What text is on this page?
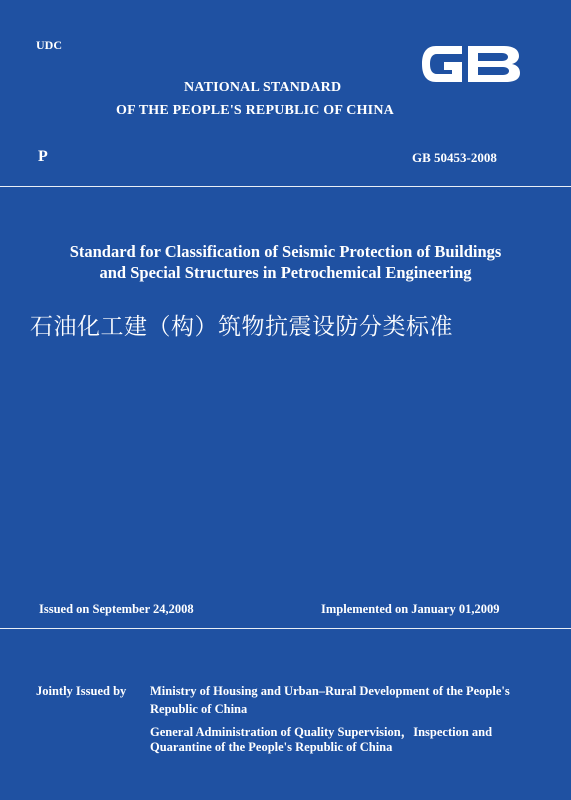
UDC
NATIONAL STANDARD
OF THE PEOPLE'S REPUBLIC OF CHINA
P	GB 50453-2008
Standard for Classification of Seismic Protection of Buildings
and Special Structures in Petrochemical Engineering
石油化工建（构）筑物抗震设防分类标准
Issued on September 24,2008	Implemented on January 01,2009
Jointly Issued by Ministry of Housing and Urban–Rural Development of the People's
Republic of China
General Administration of Quality Supervision，Inspection and
Quarantine of the People's Republic of China
